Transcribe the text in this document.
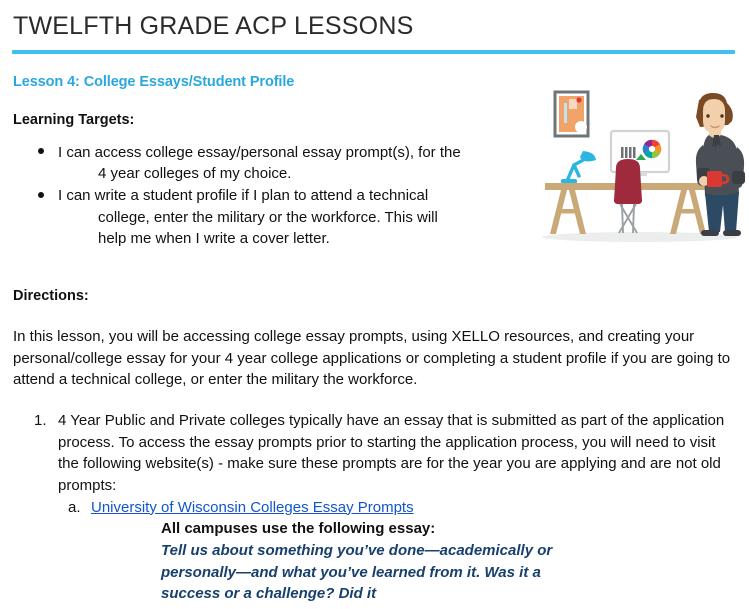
TWELFTH GRADE ACP LESSONS
Lesson 4: College Essays/Student Profile
Learning Targets:
I can access college essay/personal essay prompt(s), for the
4 year colleges of my choice.
I can write a student profile if I plan to attend a technical
college, enter the military or the workforce. This will
help me when I write a cover letter.
Directions:
In this lesson, you will be accessing college essay prompts, using XELLO resources, and creating your personal/college essay for your 4 year college applications or completing a student profile if you are going to attend a technical college, or enter the military the workforce.
1. 4 Year Public and Private colleges typically have an essay that is submitted as part of the application process. To access the essay prompts prior to starting the application process, you will need to visit the following website(s) - make sure these prompts are for the year you are applying and are not old prompts:
a. University of Wisconsin Colleges Essay Prompts
All campuses use the following essay:
Tell us about something you’ve done—academically or personally—and what you’ve learned from it. Was it a success or a challenge? Did it
